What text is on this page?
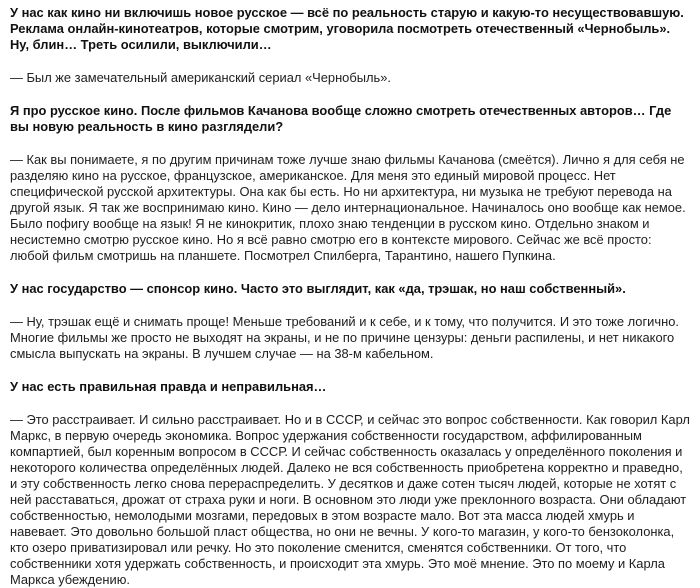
У нас как кино ни включишь новое русское — всё по реальность старую и какую-то несуществовавшую. Реклама онлайн-кинотеатров, которые смотрим, уговорила посмотреть отечественный «Чернобыль». Ну, блин… Треть осилили, выключили…

— Был же замечательный американский сериал «Чернобыль».

Я про русское кино. После фильмов Качанова вообще сложно смотреть отечественных авторов… Где вы новую реальность в кино разглядели?

— Как вы понимаете, я по другим причинам тоже лучше знаю фильмы Качанова (смеётся). Лично я для себя не разделяю кино на русское, французское, американское. Для меня это единый мировой процесс. Нет специфической русской архитектуры. Она как бы есть. Но ни архитектура, ни музыка не требуют перевода на другой язык. Я так же воспринимаю кино. Кино — дело интернациональное. Начиналось оно вообще как немое. Было пофигу вообще на язык! Я не кинокритик, плохо знаю тенденции в русском кино. Отдельно знаком и несистемно смотрю русское кино. Но я всё равно смотрю его в контексте мирового. Сейчас же всё просто: любой фильм смотришь на планшете. Посмотрел Спилберга, Тарантино, нашего Пупкина.

У нас государство — спонсор кино. Часто это выглядит, как «да, трэшак, но наш собственный».

— Ну, трэшак ещё и снимать проще! Меньше требований и к себе, и к тому, что получится. И это тоже логично. Многие фильмы же просто не выходят на экраны, и не по причине цензуры: деньги распилены, и нет никакого смысла выпускать на экраны. В лучшем случае — на 38-м кабельном.

У нас есть правильная правда и неправильная…

— Это расстраивает. И сильно расстраивает. Но и в СССР, и сейчас это вопрос собственности. Как говорил Карл Маркс, в первую очередь экономика. Вопрос удержания собственности государством, аффилированным компартией, был коренным вопросом в СССР. И сейчас собственность оказалась у определённого поколения и некоторого количества определённых людей. Далеко не вся собственность приобретена корректно и праведно, и эту собственность легко снова перераспределить. У десятков и даже сотен тысяч людей, которые не хотят с ней расставаться, дрожат от страха руки и ноги. В основном это люди уже преклонного возраста. Они обладают собственностью, немолодыми мозгами, передовых в этом возрасте мало. Вот эта масса людей хмурь и навевает. Это довольно большой пласт общества, но они не вечны. У кого-то магазин, у кого-то бензоколонка, кто озеро приватизировал или речку. Но это поколение сменится, сменятся собственники. От того, что собственники хотя удержать собственность, и происходит эта хмурь. Это моё мнение. Это по моему и Карла Маркса убеждению.
